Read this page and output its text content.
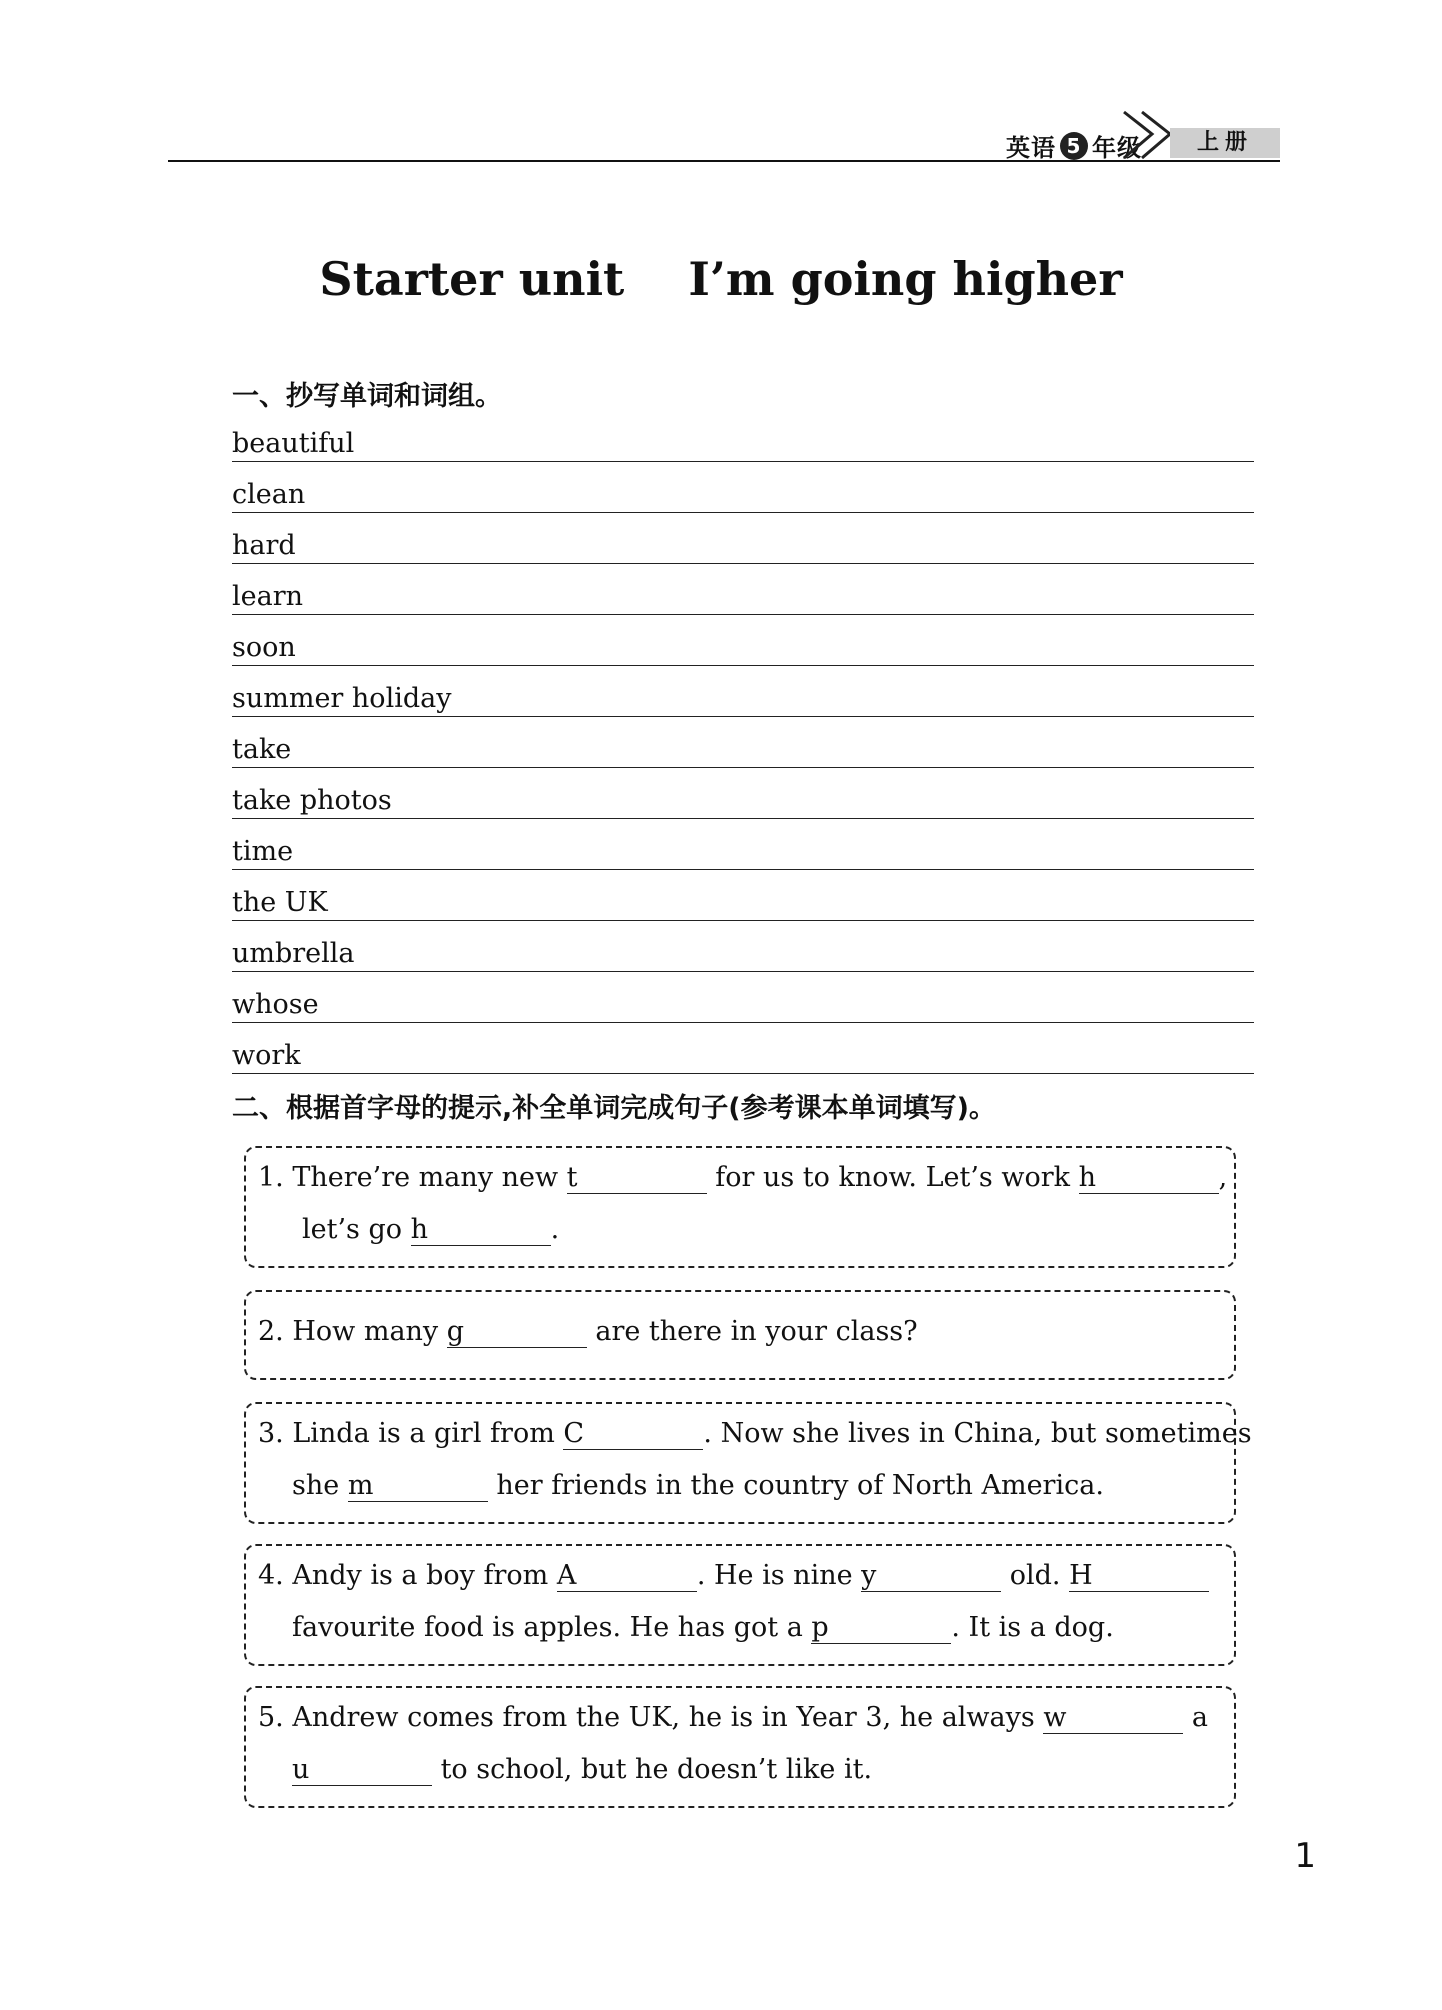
英语 5 年级	上册
Starter unit    I’m going higher
一、抄写单词和词组。
beautiful
clean
hard
learn
soon
summer holiday
take
take photos
time
the UK
umbrella
whose
work
二、根据首字母的提示,补全单词完成句子(参考课本单词填写)。
1. There’re many new t	for us to know. Let’s work h	,
let’s go h	.
2. How many g	are there in your class?
3. Linda is a girl from C	. Now she lives in China, but sometimes
she m	her friends in the country of North America.
4. Andy is a boy from A	. He is nine y	old. H
favourite food is apples. He has got a p	. It is a dog.
5. Andrew comes from the UK, he is in Year 3, he always w	a
u	to school, but he doesn’t like it.
1
